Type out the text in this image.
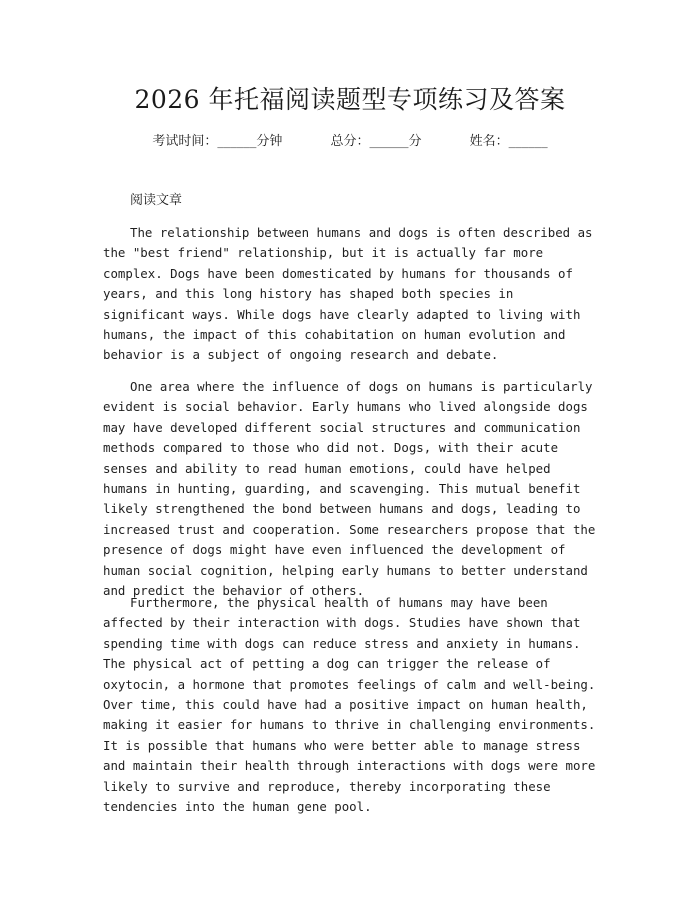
2026 年托福阅读题型专项练习及答案
考试时间：______分钟	总分：______分	姓名：______

阅读文章

The relationship between humans and dogs is often described as the "best friend" relationship, but it is actually far more complex. Dogs have been domesticated by humans for thousands of years, and this long history has shaped both species in significant ways. While dogs have clearly adapted to living with humans, the impact of this cohabitation on human evolution and behavior is a subject of ongoing research and debate.

One area where the influence of dogs on humans is particularly evident is social behavior. Early humans who lived alongside dogs may have developed different social structures and communication methods compared to those who did not. Dogs, with their acute senses and ability to read human emotions, could have helped humans in hunting, guarding, and scavenging. This mutual benefit likely strengthened the bond between humans and dogs, leading to increased trust and cooperation. Some researchers propose that the presence of dogs might have even influenced the development of human social cognition, helping early humans to better understand and predict the behavior of others.

Furthermore, the physical health of humans may have been affected by their interaction with dogs. Studies have shown that spending time with dogs can reduce stress and anxiety in humans. The physical act of petting a dog can trigger the release of oxytocin, a hormone that promotes feelings of calm and well-being. Over time, this could have had a positive impact on human health, making it easier for humans to thrive in challenging environments. It is possible that humans who were better able to manage stress and maintain their health through interactions with dogs were more likely to survive and reproduce, thereby incorporating these tendencies into the human gene pool.
